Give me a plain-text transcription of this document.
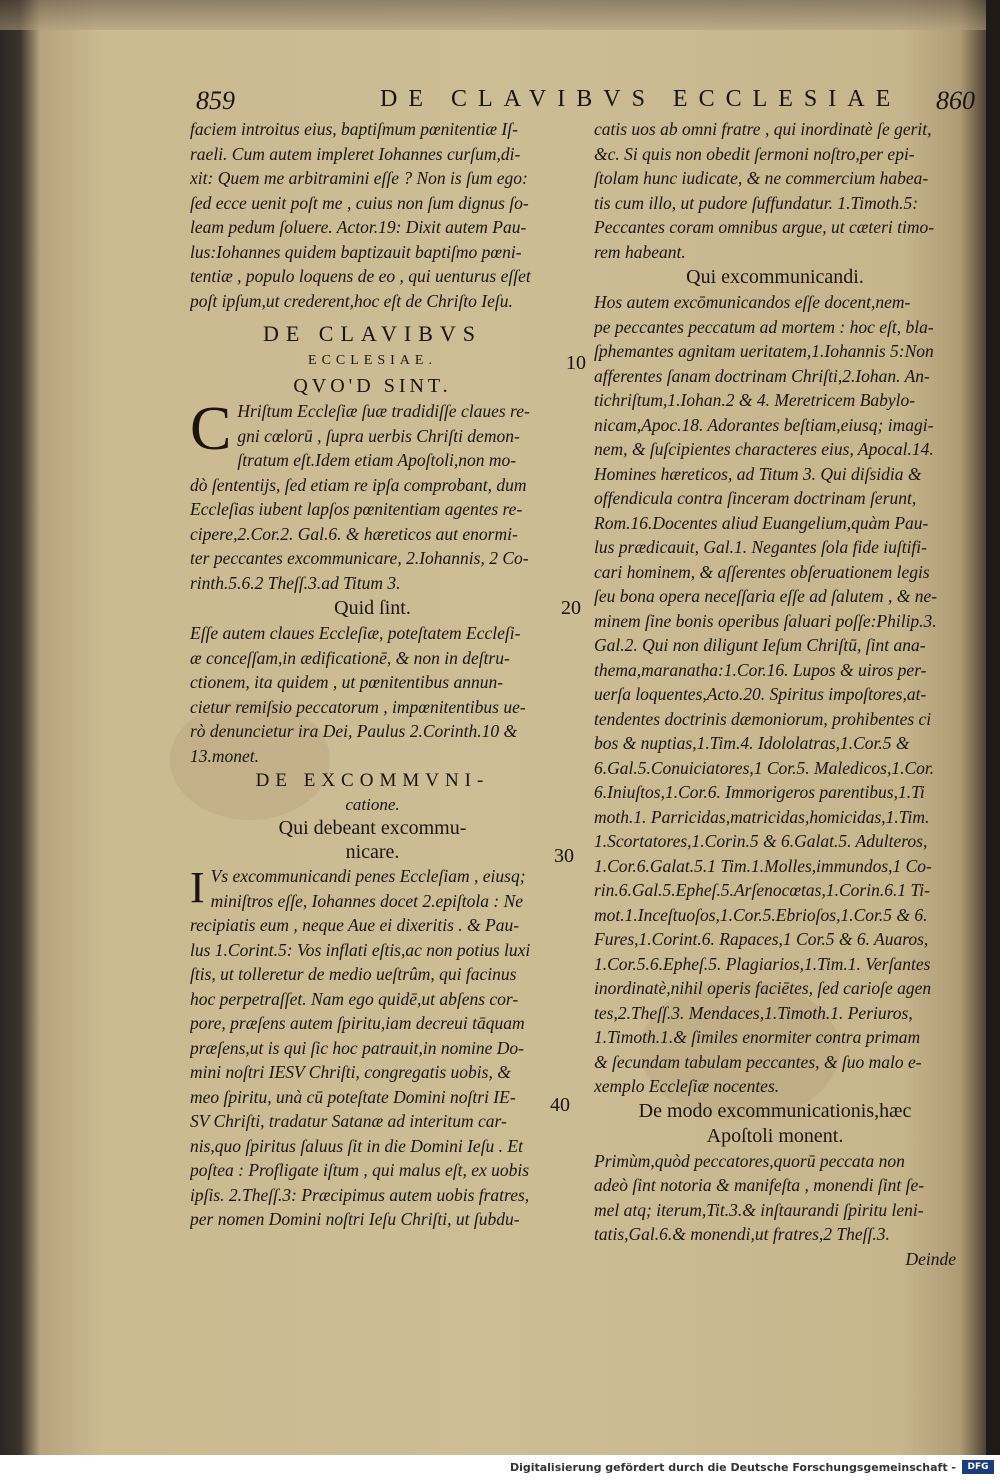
859	DE CLAVIBVS ECCLESIAE 860
faciem introitus eius, baptiſmum pœnitentiæ Iſ-
raeli. Cum autem impleret Iohannes curſum,di-
xit: Quem me arbitramini eſſe ? Non is ſum ego:
ſed ecce uenit poſt me , cuius non ſum dignus ſo-
leam pedum ſoluere. Actor.19: Dixit autem Pau-
lus:Iohannes quidem baptizauit baptiſmo pœni-
tentiæ , populo loquens de eo , qui uenturus eſſet
poſt ipſum,ut crederent,hoc eſt de Chriſto Ieſu.
DE CLAVIBVS
ECCLESIAE.
QVO'D SINT.
C Hriſtum Eccleſiæ ſuæ tradidiſſe claues re-
gni cœlorū , ſupra uerbis Chriſti demon-
ſtratum eſt.Idem etiam Apoſtoli,non mo-
dò ſententijs, ſed etiam re ipſa comprobant, dum
Eccleſias iubent lapſos pœnitentiam agentes re-
cipere,2.Cor.2. Gal.6. & hæreticos aut enormi-
ter peccantes excommunicare, 2.Iohannis, 2 Co-
rinth.5.6.2 Theſſ.3.ad Titum 3.
Quid ſint.
Eſſe autem claues Eccleſiæ, poteſtatem Eccleſi-
æ conceſſam,in ædificationē, & non in deſtru-
ctionem, ita quidem , ut pœnitentibus annun-
cietur remiſsio peccatorum , impœnitentibus ue-
rò denuncietur ira Dei, Paulus 2.Corinth.10 &
13.monet.
DE EXCOMMVNI-
catione.
Qui debeant excommu-
nicare.
I Vs excommunicandi penes Eccleſiam , eiusq;
miniſtros eſſe, Iohannes docet 2.epiſtola : Ne
recipiatis eum , neque Aue ei dixeritis . & Pau-
lus 1.Corint.5: Vos inflati eſtis,ac non potius luxi
ſtis, ut tolleretur de medio ueſtrûm, qui facinus
hoc perpetraſſet. Nam ego quidē,ut abſens cor-
pore, præſens autem ſpiritu,iam decreui tāquam
præſens,ut is qui ſic hoc patrauit,in nomine Do-
mini noſtri IESV Chriſti, congregatis uobis, &
meo ſpiritu, unà cū poteſtate Domini noſtri IE-
SV Chriſti, tradatur Satanæ ad interitum car-
nis,quo ſpiritus ſaluus ſit in die Domini Ieſu . Et
poſtea : Profligate iſtum , qui malus eſt, ex uobis
ipſis. 2.Theſſ.3: Præcipimus autem uobis fratres,
per nomen Domini noſtri Ieſu Chriſti, ut ſubdu-
10
20
30
40
catis uos ab omni fratre , qui inordinatè ſe gerit,
&c. Si quis non obedit ſermoni noſtro,per epi-
ſtolam hunc iudicate, & ne commercium habea-
tis cum illo, ut pudore ſuffundatur. 1.Timoth.5:
Peccantes coram omnibus argue, ut cæteri timo-
rem habeant.
Qui excommunicandi.
Hos autem excōmunicandos eſſe docent,nem-
pe peccantes peccatum ad mortem : hoc eſt, bla-
ſphemantes agnitam ueritatem,1.Iohannis 5:Non
afferentes ſanam doctrinam Chriſti,2.Iohan. An-
tichriſtum,1.Iohan.2 & 4. Meretricem Babylo-
nicam,Apoc.18. Adorantes beſtiam,eiusq; imagi-
nem, & ſuſcipientes characteres eius, Apocal.14.
Homines hæreticos, ad Titum 3. Qui diſsidia &
offendicula contra ſinceram doctrinam ſerunt,
Rom.16.Docentes aliud Euangelium,quàm Pau-
lus prædicauit, Gal.1. Negantes ſola fide iuſtifi-
cari hominem, & aſſerentes obſeruationem legis
ſeu bona opera neceſſaria eſſe ad ſalutem , & ne-
minem ſine bonis operibus ſaluari poſſe:Philip.3.
Gal.2. Qui non diligunt Ieſum Chriſtū, ſint ana-
thema,maranatha:1.Cor.16. Lupos & uiros per-
uerſa loquentes,Acto.20. Spiritus impoſtores,at-
tendentes doctrinis dæmoniorum, prohibentes ci
bos & nuptias,1.Tim.4. Idololatras,1.Cor.5 &
6.Gal.5.Conuiciatores,1 Cor.5. Maledicos,1.Cor.
6.Iniuſtos,1.Cor.6. Immorigeros parentibus,1.Ti
moth.1. Parricidas,matricidas,homicidas,1.Tim.
1.Scortatores,1.Corin.5 & 6.Galat.5. Adulteros,
1.Cor.6.Galat.5.1 Tim.1.Molles,immundos,1 Co-
rin.6.Gal.5.Epheſ.5.Arſenocœtas,1.Corin.6.1 Ti-
mot.1.Inceſtuoſos,1.Cor.5.Ebrioſos,1.Cor.5 & 6.
Fures,1.Corint.6. Rapaces,1 Cor.5 & 6. Auaros,
1.Cor.5.6.Epheſ.5. Plagiarios,1.Tim.1. Verſantes
inordinatè,nihil operis faciētes, ſed carioſe agen
tes,2.Theſſ.3. Mendaces,1.Timoth.1. Periuros,
1.Timoth.1.& ſimiles enormiter contra primam
& ſecundam tabulam peccantes, & ſuo malo e-
xemplo Eccleſiæ nocentes.
De modo excommunicationis,hæc
Apoſtoli monent.
Primùm,quòd peccatores,quorū peccata non
adeò ſint notoria & manifeſta , monendi ſint ſe-
mel atq; iterum,Tit.3.& inſtaurandi ſpiritu leni-
tatis,Gal.6.& monendi,ut fratres,2 Theſſ.3.
Deinde
Digitalisierung gefördert durch die Deutsche Forschungsgemeinschaft -	DFG
